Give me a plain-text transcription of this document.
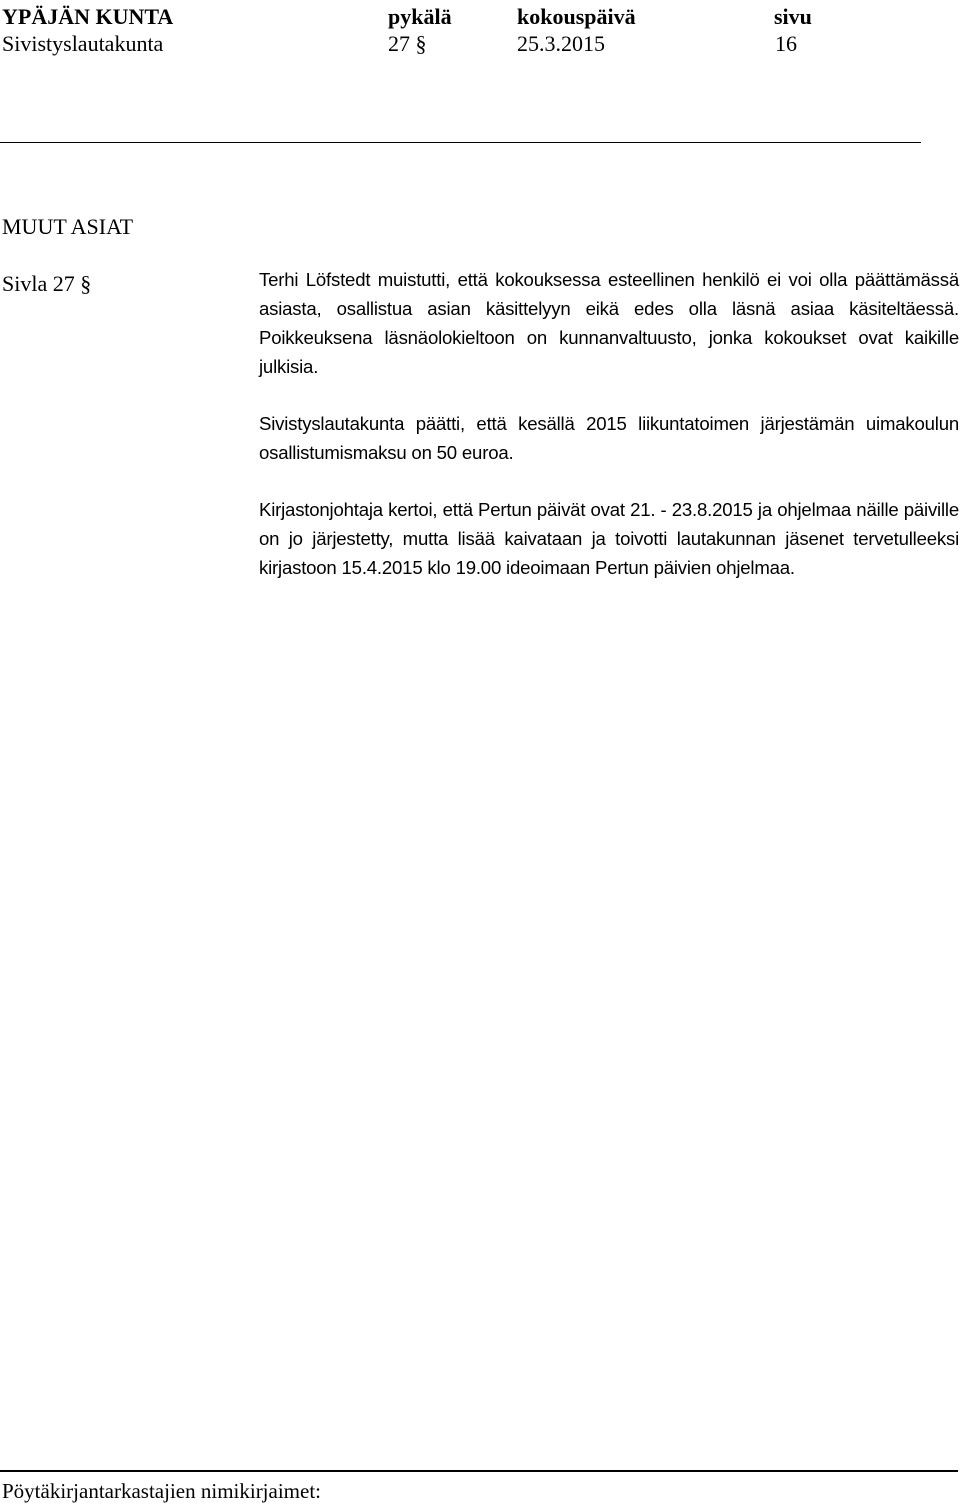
YPÄJÄN KUNTA	pykälä	kokouspäivä	sivu
Sivistyslautakunta	27 §	25.3.2015	16
MUUT ASIAT
Sivla 27 §	Terhi Löfstedt muistutti, että kokouksessa esteellinen henkilö ei voi olla päättämässä asiasta, osallistua asian käsittelyyn eikä edes olla läsnä asiaa käsiteltäessä. Poikkeuksena läsnäolokieltoon on kunnanvaltuusto, jonka kokoukset ovat kaikille julkisia.

Sivistyslautakunta päätti, että kesällä 2015 liikuntatoimen järjestämän uimakoulun osallistumismaksu on 50 euroa.

Kirjastonjohtaja kertoi, että Pertun päivät ovat 21. - 23.8.2015 ja ohjelmaa näille päiville on jo järjestetty, mutta lisää kaivataan ja toivotti lautakunnan jäsenet tervetulleeksi kirjastoon 15.4.2015 klo 19.00 ideoimaan Pertun päivien ohjelmaa.

Pöytäkirjantarkastajien nimikirjaimet:
